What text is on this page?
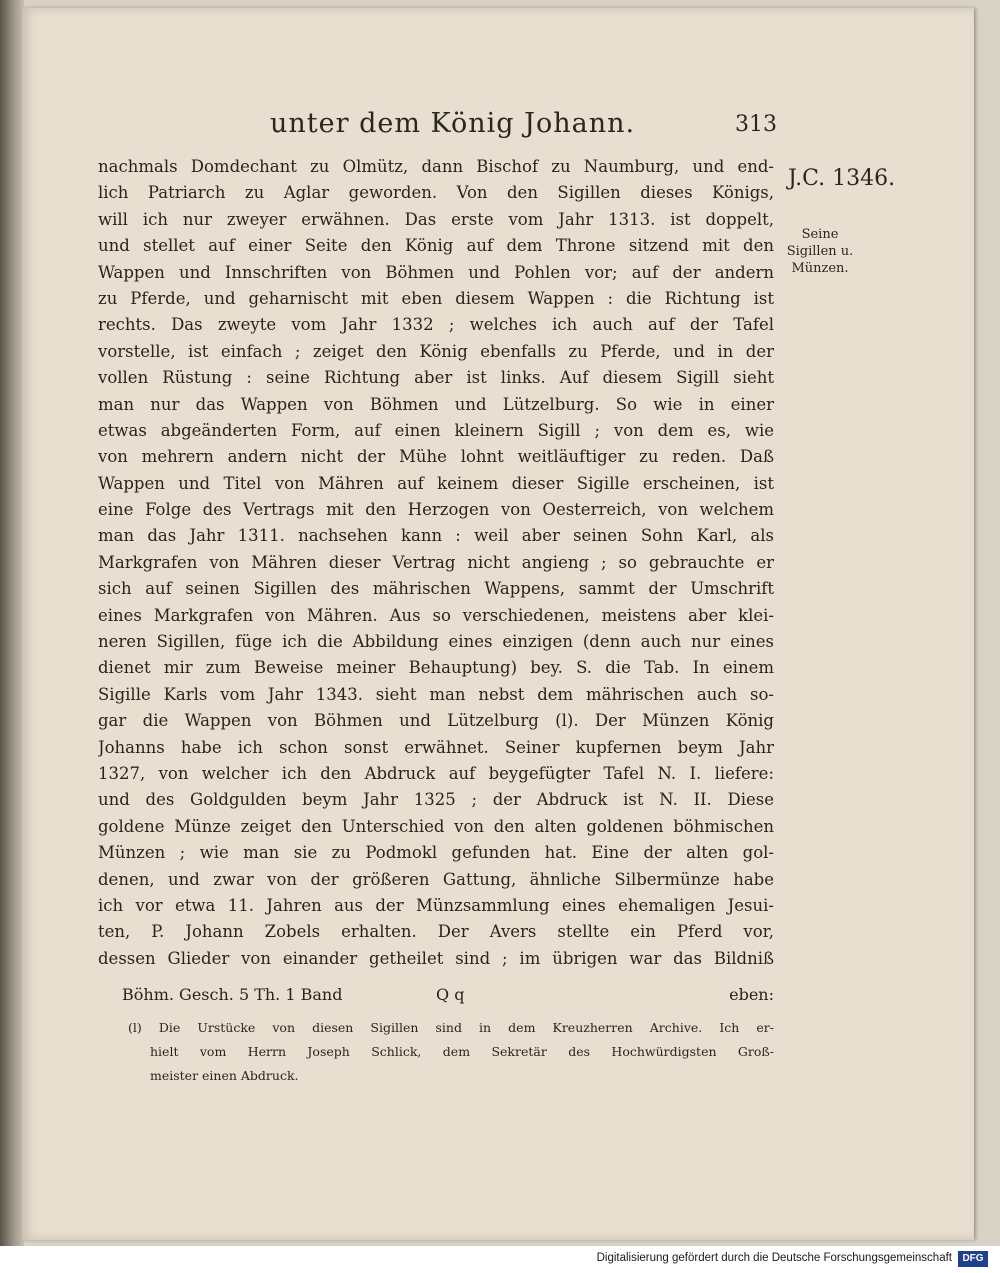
unter dem König Johann.	313
J.C. 1346.
Seine
Sigillen u.
Münzen.
nachmals Domdechant zu Olmütz, dann Bischof zu Naumburg, und end-
lich Patriarch zu Aglar geworden. Von den Sigillen dieses Königs,
will ich nur zweyer erwähnen. Das erste vom Jahr 1313. ist doppelt,
und stellet auf einer Seite den König auf dem Throne sitzend mit den
Wappen und Innschriften von Böhmen und Pohlen vor; auf der andern
zu Pferde, und geharnischt mit eben diesem Wappen : die Richtung ist
rechts. Das zweyte vom Jahr 1332 ; welches ich auch auf der Tafel
vorstelle, ist einfach ; zeiget den König ebenfalls zu Pferde, und in der
vollen Rüstung : seine Richtung aber ist links. Auf diesem Sigill sieht
man nur das Wappen von Böhmen und Lützelburg. So wie in einer
etwas abgeänderten Form, auf einen kleinern Sigill ; von dem es, wie
von mehrern andern nicht der Mühe lohnt weitläuftiger zu reden. Daß
Wappen und Titel von Mähren auf keinem dieser Sigille erscheinen, ist
eine Folge des Vertrags mit den Herzogen von Oesterreich, von welchem
man das Jahr 1311. nachsehen kann : weil aber seinen Sohn Karl, als
Markgrafen von Mähren dieser Vertrag nicht angieng ; so gebrauchte er
sich auf seinen Sigillen des mährischen Wappens, sammt der Umschrift
eines Markgrafen von Mähren. Aus so verschiedenen, meistens aber klei-
neren Sigillen, füge ich die Abbildung eines einzigen (denn auch nur eines
dienet mir zum Beweise meiner Behauptung) bey. S. die Tab. In einem
Sigille Karls vom Jahr 1343. sieht man nebst dem mährischen auch so-
gar die Wappen von Böhmen und Lützelburg (l). Der Münzen König
Johanns habe ich schon sonst erwähnet. Seiner kupfernen beym Jahr
1327, von welcher ich den Abdruck auf beygefügter Tafel N. I. liefere:
und des Goldgulden beym Jahr 1325 ; der Abdruck ist N. II. Diese
goldene Münze zeiget den Unterschied von den alten goldenen böhmischen
Münzen ; wie man sie zu Podmokl gefunden hat. Eine der alten gol-
denen, und zwar von der größeren Gattung, ähnliche Silbermünze habe
ich vor etwa 11. Jahren aus der Münzsammlung eines ehemaligen Jesui-
ten, P. Johann Zobels erhalten. Der Avers stellte ein Pferd vor,
dessen Glieder von einander getheilet sind ; im übrigen war das Bildniß
Böhm. Gesch. 5 Th. 1 Band	Q q	eben:
(l) Die Urstücke von diesen Sigillen sind in dem Kreuzherren Archive. Ich er-
hielt vom Herrn Joseph Schlick, dem Sekretär des Hochwürdigsten Groß-
meister einen Abdruck.
Digitalisierung gefördert durch die Deutsche Forschungsgemeinschaft	DFG
